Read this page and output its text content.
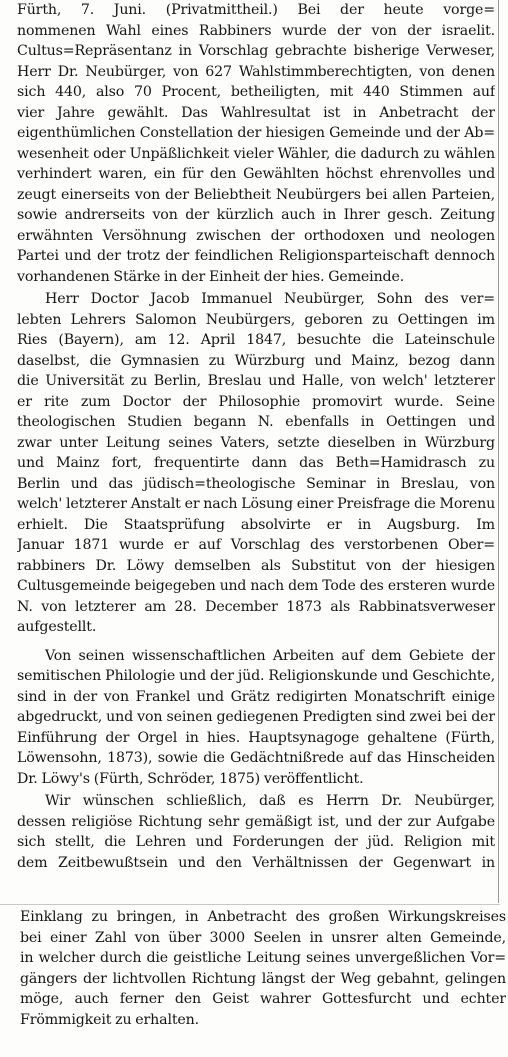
Fürth, 7. Juni. (Privatmittheil.) Bei der heute vorge=
nommenen Wahl eines Rabbiners wurde der von der israelit.
Cultus=Repräsentanz in Vorschlag gebrachte bisherige Verweser,
Herr Dr. Neubürger, von 627 Wahlstimmberechtigten, von denen
sich 440, also 70 Procent, betheiligten, mit 440 Stimmen auf
vier Jahre gewählt. Das Wahlresultat ist in Anbetracht der
eigenthümlichen Constellation der hiesigen Gemeinde und der Ab=
wesenheit oder Unpäßlichkeit vieler Wähler, die dadurch zu wählen
verhindert waren, ein für den Gewählten höchst ehrenvolles und
zeugt einerseits von der Beliebtheit Neubürgers bei allen Parteien,
sowie andrerseits von der kürzlich auch in Ihrer gesch. Zeitung
erwähnten Versöhnung zwischen der orthodoxen und neologen
Partei und der trotz der feindlichen Religionsparteischaft dennoch
vorhandenen Stärke in der Einheit der hies. Gemeinde.
Herr Doctor Jacob Immanuel Neubürger, Sohn des ver=
lebten Lehrers Salomon Neubürgers, geboren zu Oettingen im
Ries (Bayern), am 12. April 1847, besuchte die Lateinschule
daselbst, die Gymnasien zu Würzburg und Mainz, bezog dann
die Universität zu Berlin, Breslau und Halle, von welch' letzterer
er rite zum Doctor der Philosophie promovirt wurde. Seine
theologischen Studien begann N. ebenfalls in Oettingen und
zwar unter Leitung seines Vaters, setzte dieselben in Würzburg
und Mainz fort, frequentirte dann das Beth=Hamidrasch zu
Berlin und das jüdisch=theologische Seminar in Breslau, von
welch' letzterer Anstalt er nach Lösung einer Preisfrage die Morenu
erhielt. Die Staatsprüfung absolvirte er in Augsburg. Im
Januar 1871 wurde er auf Vorschlag des verstorbenen Ober=
rabbiners Dr. Löwy demselben als Substitut von der hiesigen
Cultusgemeinde beigegeben und nach dem Tode des ersteren wurde
N. von letzterer am 28. December 1873 als Rabbinatsverweser
aufgestellt.
Von seinen wissenschaftlichen Arbeiten auf dem Gebiete der
semitischen Philologie und der jüd. Religionskunde und Geschichte,
sind in der von Frankel und Grätz redigirten Monatschrift einige
abgedruckt, und von seinen gediegenen Predigten sind zwei bei der
Einführung der Orgel in hies. Hauptsynagoge gehaltene (Fürth,
Löwensohn, 1873), sowie die Gedächtnißrede auf das Hinscheiden
Dr. Löwy's (Fürth, Schröder, 1875) veröffentlicht.
Wir wünschen schließlich, daß es Herrn Dr. Neubürger,
dessen religiöse Richtung sehr gemäßigt ist, und der zur Aufgabe
sich stellt, die Lehren und Forderungen der jüd. Religion mit
dem Zeitbewußtsein und den Verhältnissen der Gegenwart in
Einklang zu bringen, in Anbetracht des großen Wirkungskreises
bei einer Zahl von über 3000 Seelen in unsrer alten Gemeinde,
in welcher durch die geistliche Leitung seines unvergeßlichen Vor=
gängers der lichtvollen Richtung längst der Weg gebahnt, gelingen
möge, auch ferner den Geist wahrer Gottesfurcht und echter
Frömmigkeit zu erhalten.
